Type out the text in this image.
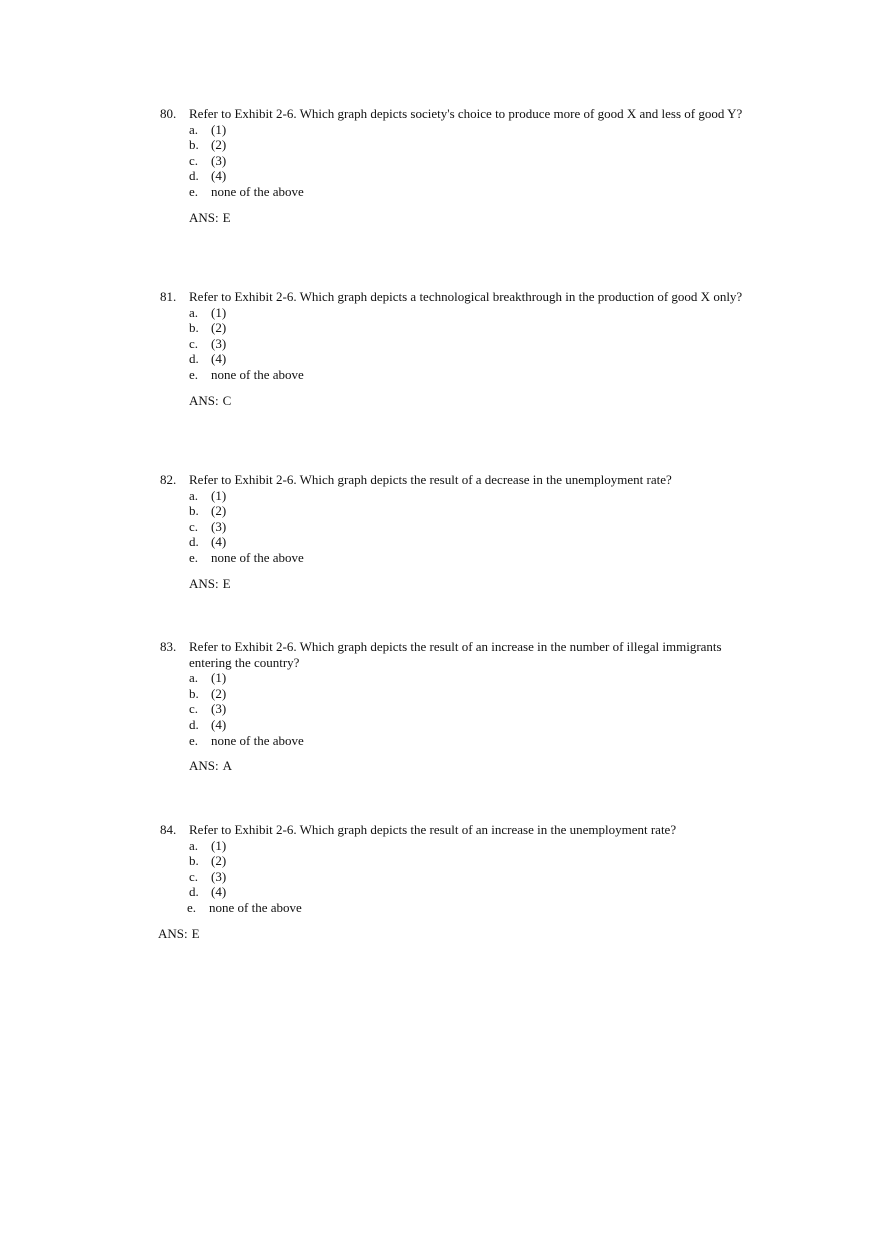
80. Refer to Exhibit 2-6. Which graph depicts society's choice to produce more of good X and less of good Y?
a. (1)
b. (2)
c. (3)
d. (4)
e. none of the above
ANS: E
81. Refer to Exhibit 2-6. Which graph depicts a technological breakthrough in the production of good X only?
a. (1)
b. (2)
c. (3)
d. (4)
e. none of the above
ANS: C
82. Refer to Exhibit 2-6. Which graph depicts the result of a decrease in the unemployment rate?
a. (1)
b. (2)
c. (3)
d. (4)
e. none of the above
ANS: E
83. Refer to Exhibit 2-6. Which graph depicts the result of an increase in the number of illegal immigrants entering the country?
a. (1)
b. (2)
c. (3)
d. (4)
e. none of the above
ANS: A
84. Refer to Exhibit 2-6. Which graph depicts the result of an increase in the unemployment rate?
a. (1)
b. (2)
c. (3)
d. (4)
e. none of the above
ANS: E
